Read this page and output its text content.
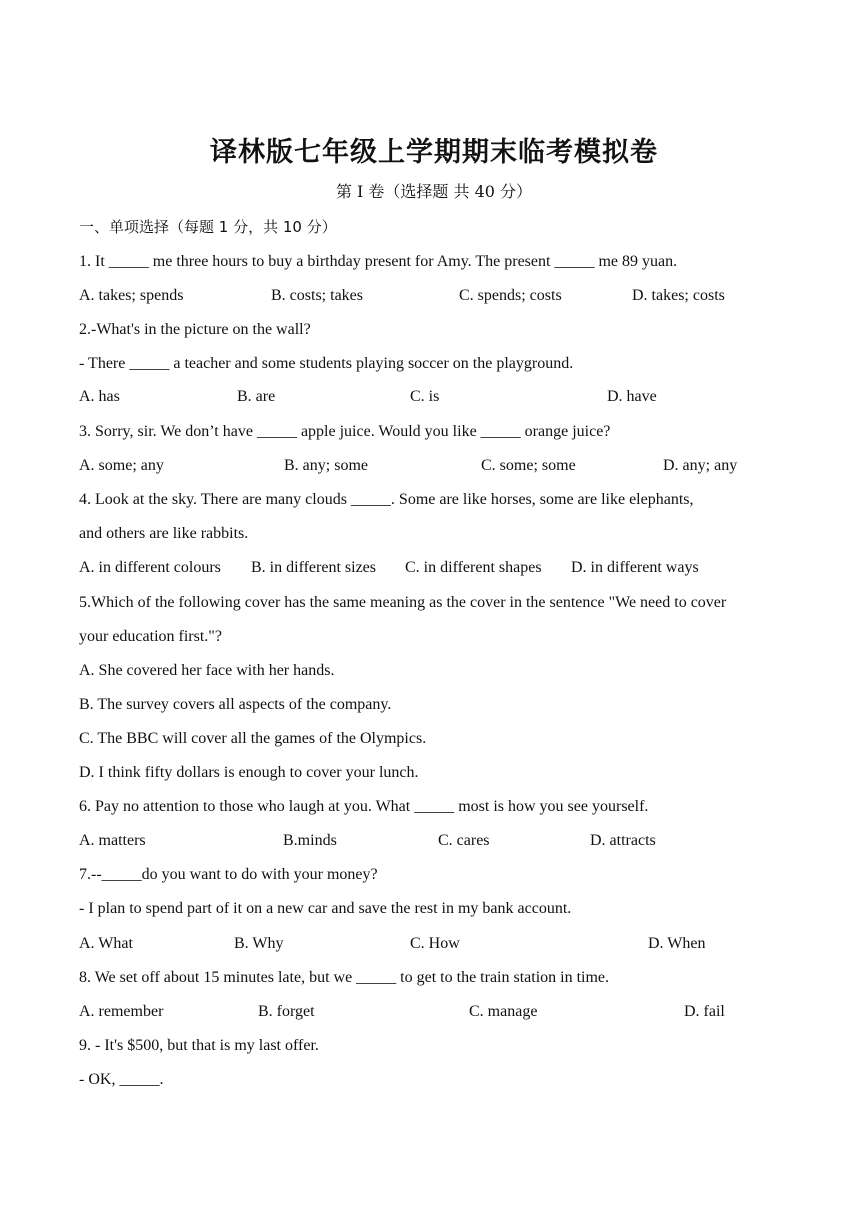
译林版七年级上学期期末临考模拟卷
第 Ⅰ 卷（选择题 共 40 分）
一、单项选择（每题 1 分，共 10 分）
1. It _____ me three hours to buy a birthday present for Amy. The present _____ me 89 yuan.
A. takes; spends	B. costs; takes	C. spends; costs	D. takes; costs
2.-What's in the picture on the wall?
- There _____ a teacher and some students playing soccer on the playground.
A. has	B. are	C. is	D. have
3. Sorry, sir. We don’t have _____ apple juice. Would you like _____ orange juice?
A. some; any	B. any; some	C. some; some	D. any; any
4. Look at the sky. There are many clouds _____. Some are like horses, some are like elephants,
and others are like rabbits.
A. in different colours B. in different sizes C. in different shapes D. in different ways
5.Which of the following cover has the same meaning as the cover in the sentence "We need to cover
your education first."?
A. She covered her face with her hands.
B. The survey covers all aspects of the company.
C. The BBC will cover all the games of the Olympics.
D. I think fifty dollars is enough to cover your lunch.
6. Pay no attention to those who laugh at you. What _____ most is how you see yourself.
A. matters	B.minds	C. cares	D. attracts
7.--_____do you want to do with your money?
- I plan to spend part of it on a new car and save the rest in my bank account.
A. What	B. Why	C. How	D. When
8. We set off about 15 minutes late, but we _____ to get to the train station in time.
A. remember	B. forget	C. manage	D. fail
9. - It's $500, but that is my last offer.
- OK, _____.
